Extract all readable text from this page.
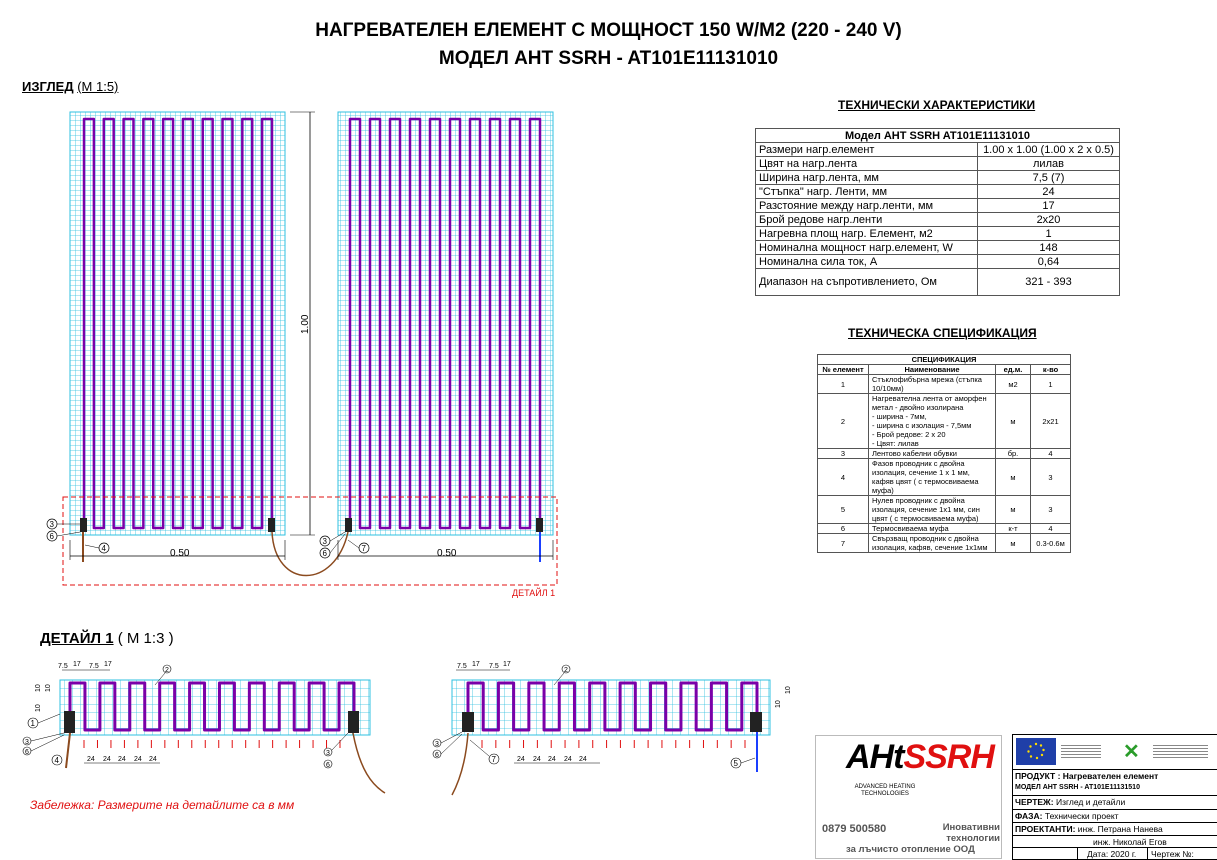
НАГРЕВАТЕЛЕН ЕЛЕМЕНТ С МОЩНОСТ 150 W/M2 (220 - 240 V)
МОДЕЛ AHT SSRH - AT101E11131010
ИЗГЛЕД (М 1:5)
ДЕТАЙЛ 1 ( М 1:3 )
Забележка: Размерите на детайлите са в мм
ДЕТАЙЛ 1
0.50	0.50
1.00
3
6
4
3
6
7
7.5 17 7.5 17
10 10
10
24 24 24 24 24
7.5 17 7.5 17
10
10
24 24 24 24 24
2
1
3
6
4
3
6
2
3
6	7	5
ТЕХНИЧЕСКИ ХАРАКТЕРИСТИКИ
Модел AHT SSRH AT101E11131010	
Размери нагр.елемент	1.00 x 1.00 (1.00 x 2 x 0.5)
Цвят на нагр.лента	лилав
Ширина нагр.лента, мм	7,5 (7)
"Стъпка" нагр. Ленти, мм	24
Разстояние между нагр.ленти, мм	17
Брой редове нагр.ленти	2x20
Нагревна площ нагр. Елемент, м2	1
Номинална мощност нагр.елемент, W	148
Номинална сила ток, А	0,64
Диапазон на съпротивлението, Ом	321 - 393
ТЕХНИЧЕСКА СПЕЦИФИКАЦИЯ
СПЕЦИФИКАЦИЯ			
№ елемент	Наименование	ед.м.	к-во
1	Стъклофибърна мрежа (стъпка 10/10мм)	м2	1
2	Нагревателна лента от аморфен метал - двойно изолирана
- ширина - 7мм,
- ширина с изолация - 7,5мм
- Брой редове: 2 x 20
- Цвят: лилав	м	2x21
3	Лентово кабелни обувки	бр.	4
4	Фазов проводник с двойна изолация, сечение 1 x 1 мм, кафяв цвят ( с термосвиваема муфа)	м	3
5	Нулев проводник с двойна изолация, сечение 1x1 мм, син цвят ( с термосвиваема муфа)	м	3
6	Термосвиваема муфа	к-т	4
7	Свързващ проводник с двойна изолация, кафяв, сечение 1x1мм	м	0.3-0.6м
AHtSSRH
ADVANCED HEATING
TECHNOLOGIES
0879 500580	Иновативни
технологии
за лъчисто отопление ООД
✕
ПРОДУКТ : Нагревателен елемент
МОДЕЛ AHT SSRH - AT101E11131510
ЧЕРТЕЖ: Изглед и детайли
ФАЗА: Технически проект
ПРОЕКТАНТИ: инж. Петрана Нанева
инж. Николай Егов
Дата: 2020 г. Чертеж №:
